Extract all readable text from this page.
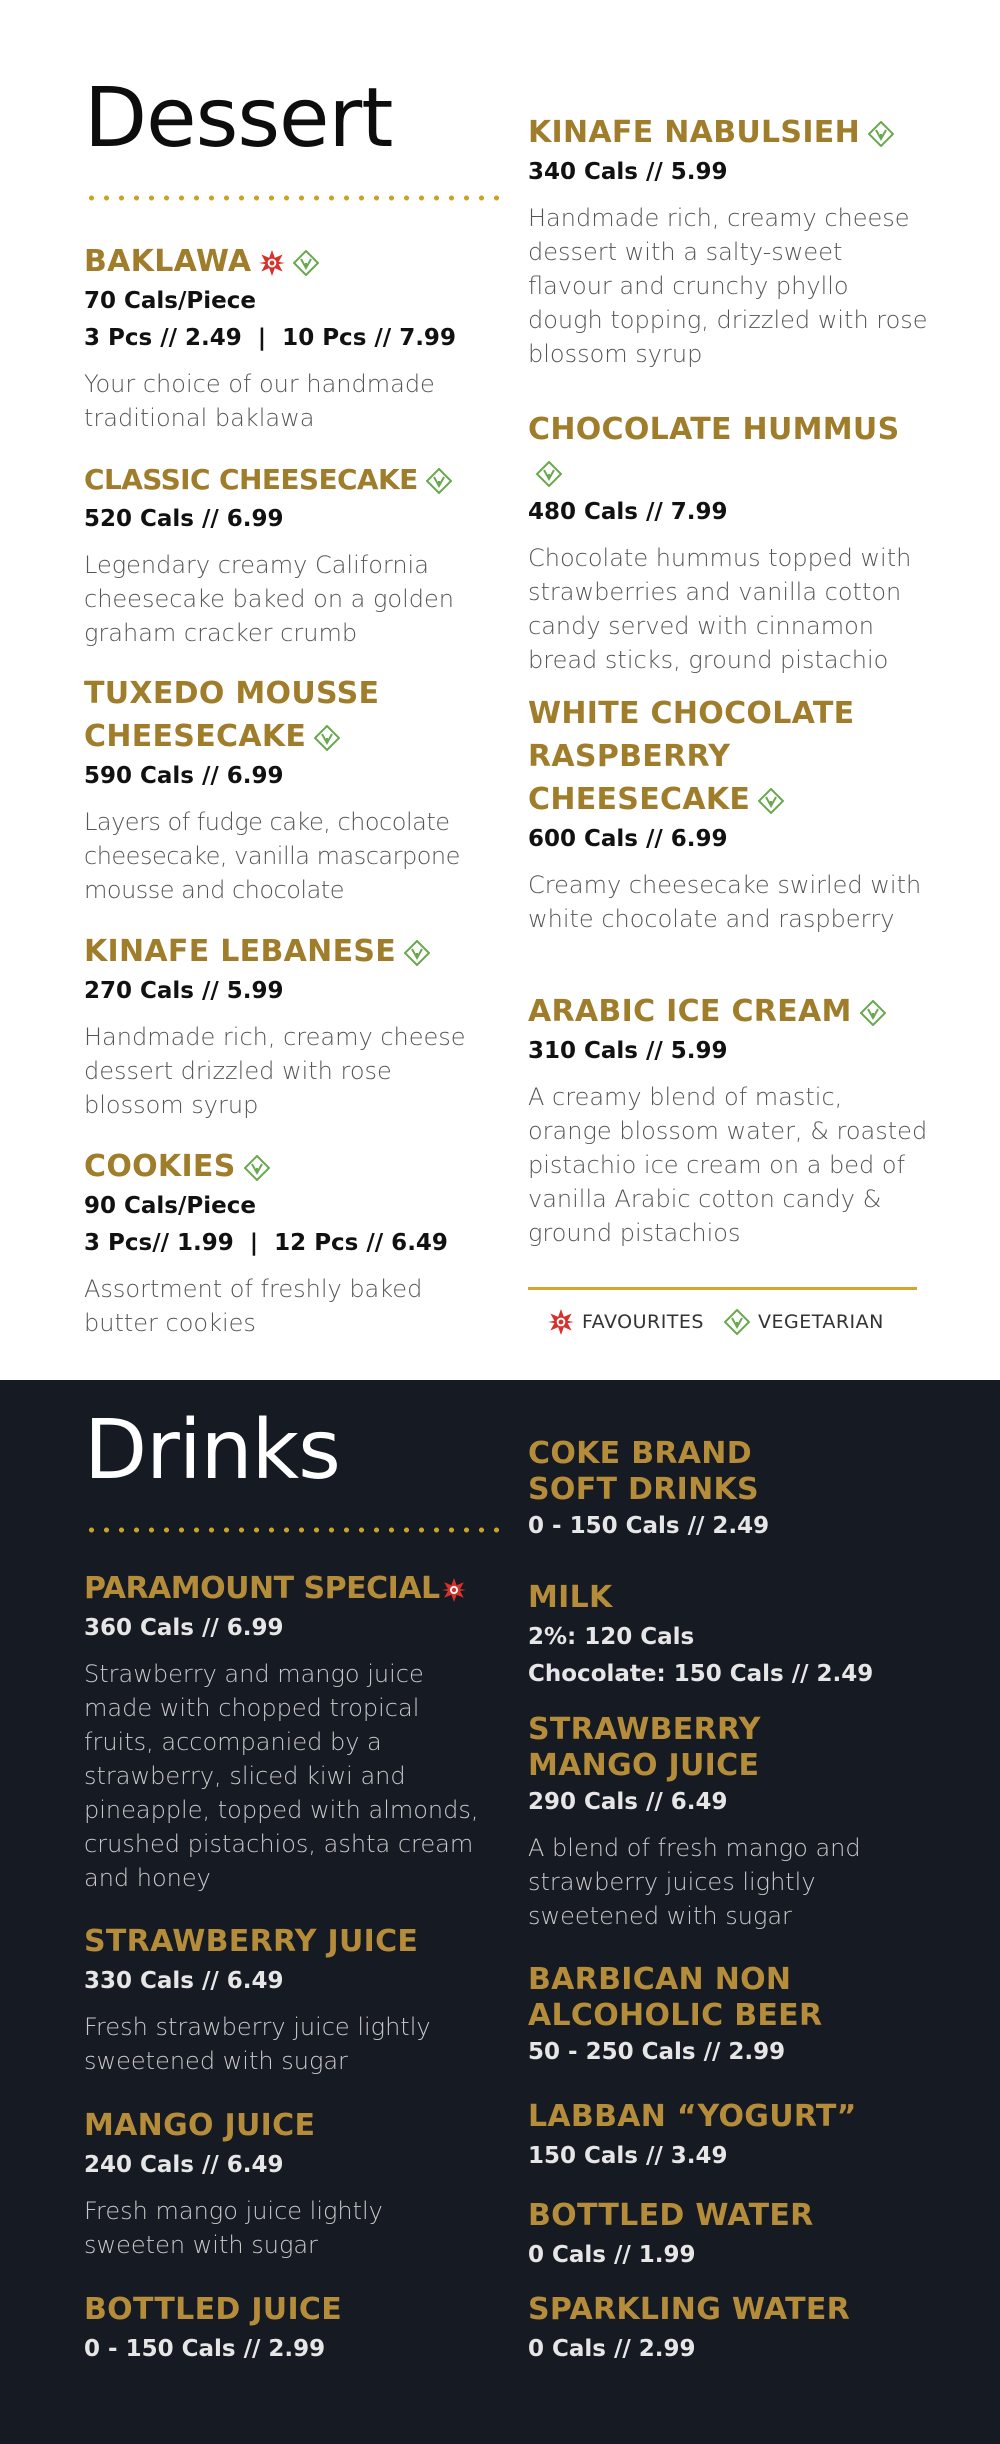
Dessert
BAKLAWA
70 Cals/Piece
3 Pcs // 2.49  |  10 Pcs // 7.99
Your choice of our handmade traditional baklawa
CLASSIC CHEESECAKE
520 Cals // 6.99
Legendary creamy California cheesecake baked on a golden graham cracker crumb
TUXEDO MOUSSE
CHEESECAKE
590 Cals // 6.99
Layers of fudge cake, chocolate cheesecake, vanilla mascarpone mousse and chocolate
KINAFE LEBANESE
270 Cals // 5.99
Handmade rich, creamy cheese dessert drizzled with rose blossom syrup
COOKIES
90 Cals/Piece
3 Pcs// 1.99  |  12 Pcs // 6.49
Assortment of freshly baked butter cookies
KINAFE NABULSIEH
340 Cals // 5.99
Handmade rich, creamy cheese dessert with a salty-sweet flavour and crunchy phyllo dough topping, drizzled with rose blossom syrup
CHOCOLATE HUMMUS
480 Cals // 7.99
Chocolate hummus topped with strawberries and vanilla cotton candy served with cinnamon bread sticks, ground pistachio
WHITE CHOCOLATE
RASPBERRY
CHEESECAKE
600 Cals // 6.99
Creamy cheesecake swirled with white chocolate and raspberry
ARABIC ICE CREAM
310 Cals // 5.99
A creamy blend of mastic, orange blossom water, & roasted pistachio ice cream on a bed of vanilla Arabic cotton candy & ground pistachios
FAVOURITES	VEGETARIAN
Drinks
PARAMOUNT SPECIAL
360 Cals // 6.99
Strawberry and mango juice made with chopped tropical fruits, accompanied by a strawberry, sliced kiwi and pineapple, topped with almonds, crushed pistachios, ashta cream and honey
STRAWBERRY JUICE
330 Cals // 6.49
Fresh strawberry juice lightly sweetened with sugar
MANGO JUICE
240 Cals // 6.49
Fresh mango juice lightly sweeten with sugar
BOTTLED JUICE
0 - 150 Cals // 2.99
COKE BRAND
SOFT DRINKS
0 - 150 Cals // 2.49
MILK
2%: 120 Cals
Chocolate: 150 Cals // 2.49
STRAWBERRY
MANGO JUICE
290 Cals // 6.49
A blend of fresh mango and strawberry juices lightly sweetened with sugar
BARBICAN NON
ALCOHOLIC BEER
50 - 250 Cals // 2.99
LABBAN “YOGURT”
150 Cals // 3.49
BOTTLED WATER
0 Cals // 1.99
SPARKLING WATER
0 Cals // 2.99
